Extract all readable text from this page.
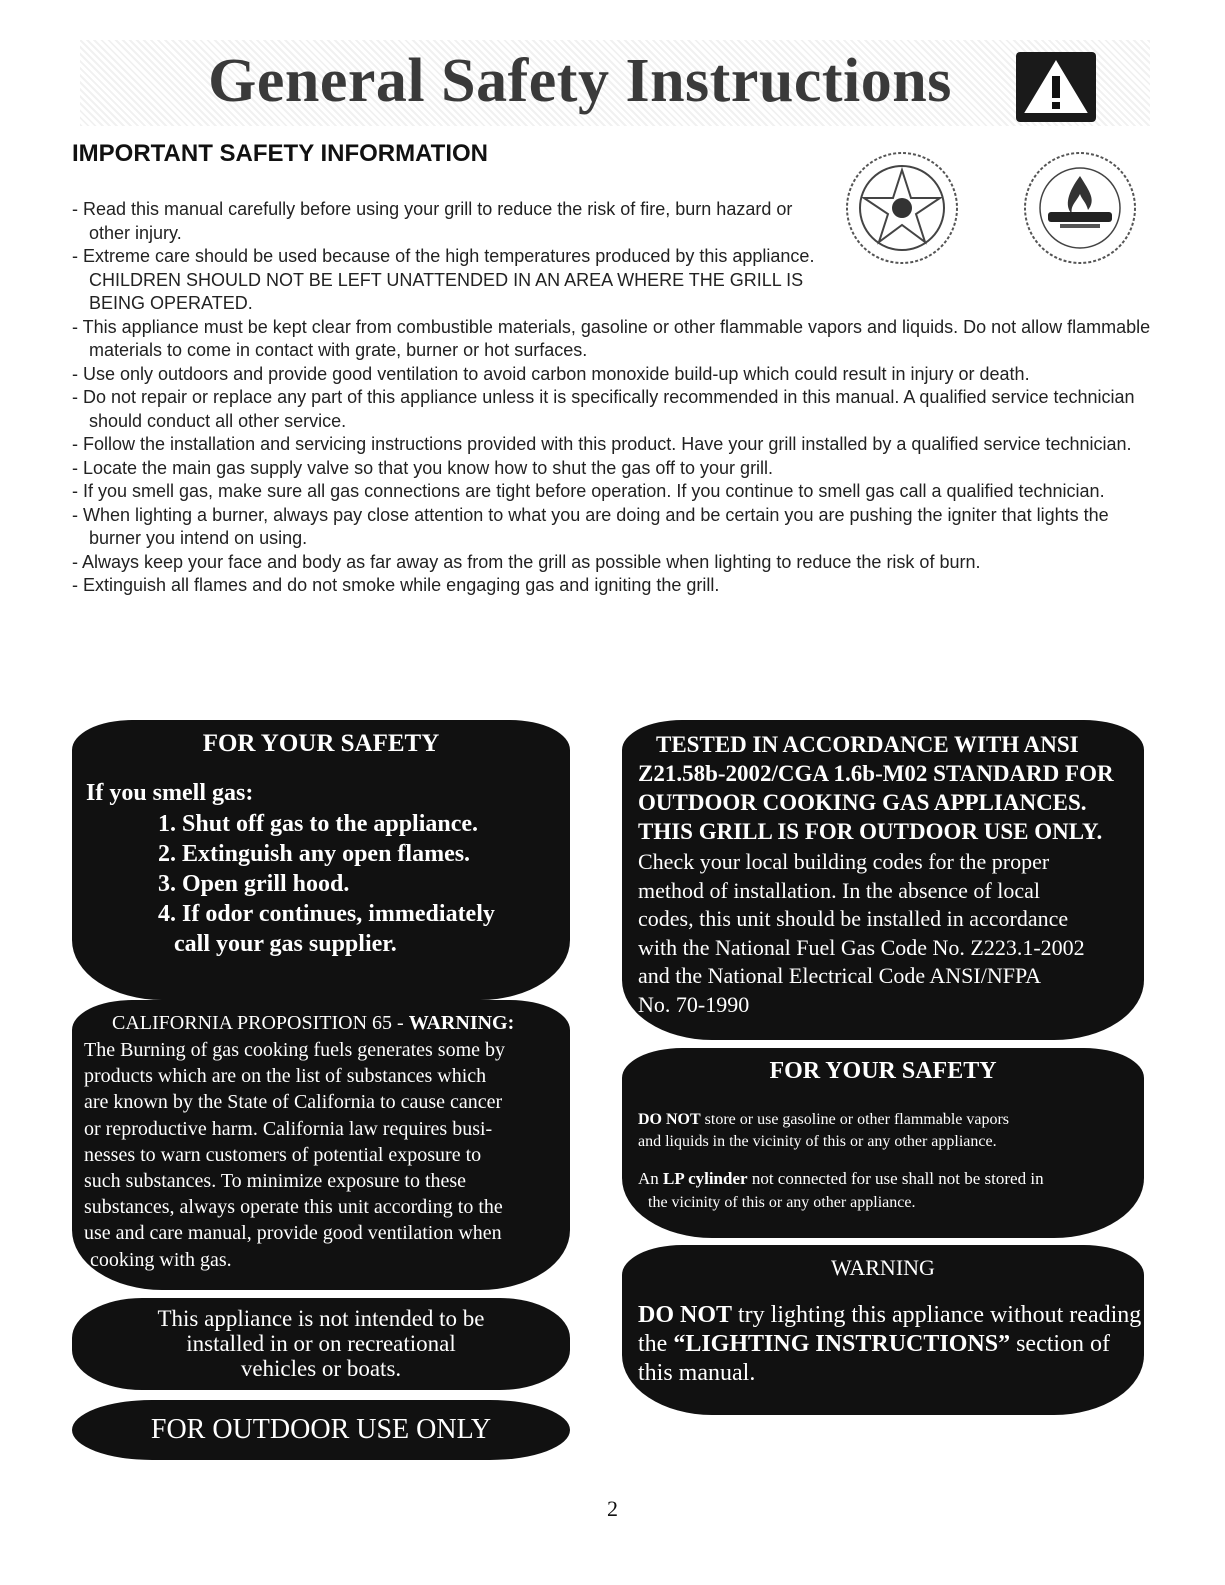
General Safety Instructions
IMPORTANT SAFETY INFORMATION
- Read this manual carefully before using your grill to reduce the risk of fire, burn hazard or other injury.
- Extreme care should be used because of the high temperatures produced by this appliance. CHILDREN SHOULD NOT BE LEFT UNATTENDED IN AN AREA WHERE THE GRILL IS BEING OPERATED.
- This appliance must be kept clear from combustible materials, gasoline or other flammable vapors and liquids. Do not allow flammable materials to come in contact with grate, burner or hot surfaces.
- Use only outdoors and provide good ventilation to avoid carbon monoxide build-up which could result in injury or death.
- Do not repair or replace any part of this appliance unless it is specifically recommended in this manual. A qualified service technician should conduct all other service.
- Follow the installation and servicing instructions provided with this product. Have your grill installed by a qualified service technician.
- Locate the main gas supply valve so that you know how to shut the gas off to your grill.
- If you smell gas, make sure all gas connections are tight before operation. If you continue to smell gas call a qualified technician.
- When lighting a burner, always pay close attention to what you are doing and be certain you are pushing the igniter that lights the burner you intend on using.
- Always keep your face and body as far away as from the grill as possible when lighting to reduce the risk of burn.
- Extinguish all flames and do not smoke while engaging gas and igniting the grill.
FOR YOUR SAFETY
If you smell gas:
1. Shut off gas to the appliance.
2. Extinguish any open flames.
3. Open grill hood.
4. If odor continues, immediately
call your gas supplier.
CALIFORNIA PROPOSITION 65 - WARNING:
The Burning of gas cooking fuels generates some by
products which are on the list of substances which
are known by the State of California to cause cancer
or reproductive harm. California law requires busi-
nesses to warn customers of potential exposure to
such substances. To minimize exposure to these
substances, always operate this unit according to the
use and care manual, provide good ventilation when
cooking with gas.
This appliance is not intended to be
installed in or on recreational
vehicles or boats.
FOR OUTDOOR USE ONLY
TESTED IN ACCORDANCE WITH ANSI
Z21.58b-2002/CGA 1.6b-M02 STANDARD FOR
OUTDOOR COOKING GAS APPLIANCES.
THIS GRILL IS FOR OUTDOOR USE ONLY.
Check your local building codes for the proper
method of installation. In the absence of local
codes, this unit should be installed in accordance
with the National Fuel Gas Code No. Z223.1-2002
and the National Electrical Code ANSI/NFPA
No. 70-1990
FOR YOUR SAFETY
DO NOT store or use gasoline or other flammable vapors
and liquids in the vicinity of this or any other appliance.
An LP cylinder not connected for use shall not be stored in
the vicinity of this or any other appliance.
WARNING
DO NOT try lighting this appliance without reading
the “LIGHTING INSTRUCTIONS” section of
this manual.
2
